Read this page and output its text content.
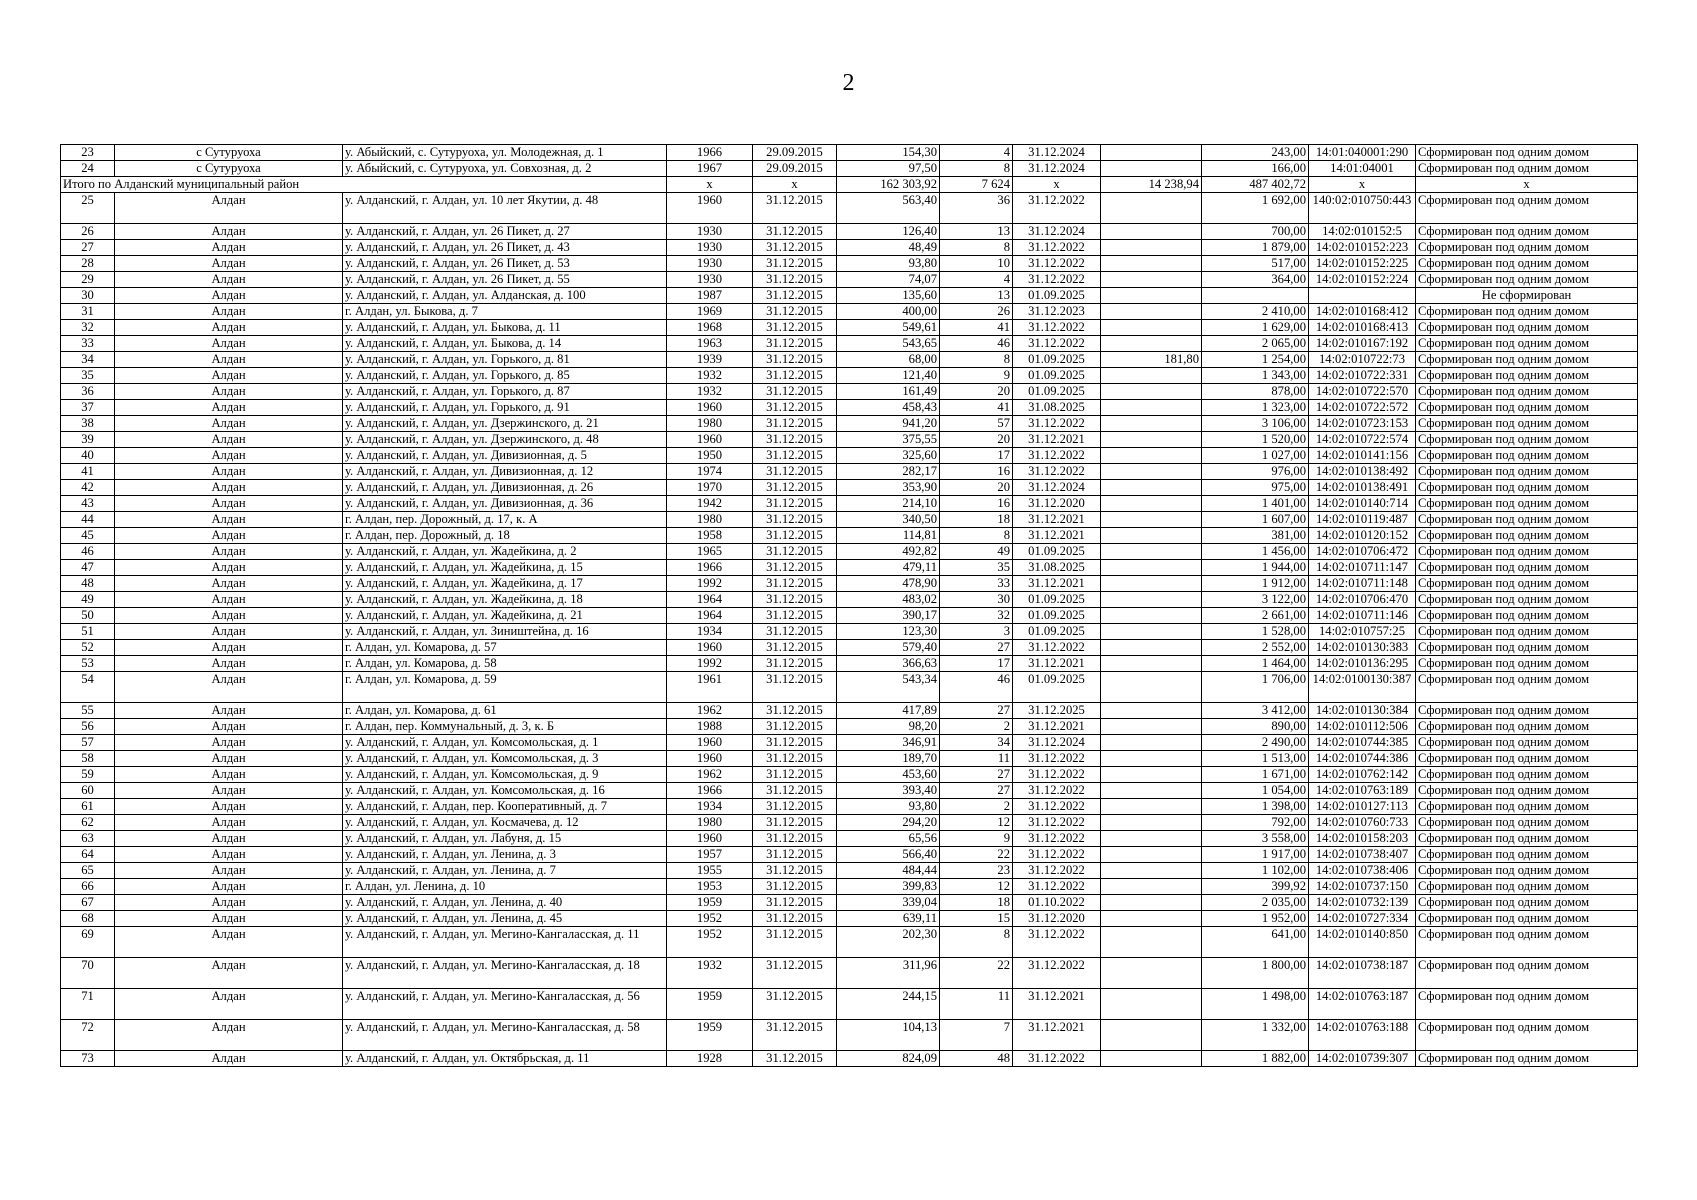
2
23	с Сутуруоха	у. Абыйский, с. Сутуруоха, ул. Молодежная, д. 1	1966	29.09.2015	154,30	4	31.12.2024		243,00	14:01:040001:290	Сформирован под одним домом
24	с Сутуруоха	у. Абыйский, с. Сутуруоха, ул. Совхозная, д. 2	1967	29.09.2015	97,50	8	31.12.2024		166,00	14:01:04001	Сформирован под одним домом
Итого по Алданский муниципальный район			х	х	162 303,92	7 624	х	14 238,94	487 402,72	х	х
25	Алдан	у. Алданский, г. Алдан, ул. 10 лет Якутии, д. 48	1960	31.12.2015	563,40	36	31.12.2022		1 692,00	140:02:010750:443	Сформирован под одним домом
26	Алдан	у. Алданский, г. Алдан, ул. 26 Пикет, д. 27	1930	31.12.2015	126,40	13	31.12.2024		700,00	14:02:010152:5	Сформирован под одним домом
27	Алдан	у. Алданский, г. Алдан, ул. 26 Пикет, д. 43	1930	31.12.2015	48,49	8	31.12.2022		1 879,00	14:02:010152:223	Сформирован под одним домом
28	Алдан	у. Алданский, г. Алдан, ул. 26 Пикет, д. 53	1930	31.12.2015	93,80	10	31.12.2022		517,00	14:02:010152:225	Сформирован под одним домом
29	Алдан	у. Алданский, г. Алдан, ул. 26 Пикет, д. 55	1930	31.12.2015	74,07	4	31.12.2022		364,00	14:02:010152:224	Сформирован под одним домом
30	Алдан	у. Алданский, г. Алдан, ул. Алданская, д. 100	1987	31.12.2015	135,60	13	01.09.2025				Не сформирован
31	Алдан	г. Алдан, ул. Быкова, д. 7	1969	31.12.2015	400,00	26	31.12.2023		2 410,00	14:02:010168:412	Сформирован под одним домом
32	Алдан	у. Алданский, г. Алдан, ул. Быкова, д. 11	1968	31.12.2015	549,61	41	31.12.2022		1 629,00	14:02:010168:413	Сформирован под одним домом
33	Алдан	у. Алданский, г. Алдан, ул. Быкова, д. 14	1963	31.12.2015	543,65	46	31.12.2022		2 065,00	14:02:010167:192	Сформирован под одним домом
34	Алдан	у. Алданский, г. Алдан, ул. Горького, д. 81	1939	31.12.2015	68,00	8	01.09.2025	181,80	1 254,00	14:02:010722:73	Сформирован под одним домом
35	Алдан	у. Алданский, г. Алдан, ул. Горького, д. 85	1932	31.12.2015	121,40	9	01.09.2025		1 343,00	14:02:010722:331	Сформирован под одним домом
36	Алдан	у. Алданский, г. Алдан, ул. Горького, д. 87	1932	31.12.2015	161,49	20	01.09.2025		878,00	14:02:010722:570	Сформирован под одним домом
37	Алдан	у. Алданский, г. Алдан, ул. Горького, д. 91	1960	31.12.2015	458,43	41	31.08.2025		1 323,00	14:02:010722:572	Сформирован под одним домом
38	Алдан	у. Алданский, г. Алдан, ул. Дзержинского, д. 21	1980	31.12.2015	941,20	57	31.12.2022		3 106,00	14:02:010723:153	Сформирован под одним домом
39	Алдан	у. Алданский, г. Алдан, ул. Дзержинского, д. 48	1960	31.12.2015	375,55	20	31.12.2021		1 520,00	14:02:010722:574	Сформирован под одним домом
40	Алдан	у. Алданский, г. Алдан, ул. Дивизионная, д. 5	1950	31.12.2015	325,60	17	31.12.2022		1 027,00	14:02:010141:156	Сформирован под одним домом
41	Алдан	у. Алданский, г. Алдан, ул. Дивизионная, д. 12	1974	31.12.2015	282,17	16	31.12.2022		976,00	14:02:010138:492	Сформирован под одним домом
42	Алдан	у. Алданский, г. Алдан, ул. Дивизионная, д. 26	1970	31.12.2015	353,90	20	31.12.2024		975,00	14:02:010138:491	Сформирован под одним домом
43	Алдан	у. Алданский, г. Алдан, ул. Дивизионная, д. 36	1942	31.12.2015	214,10	16	31.12.2020		1 401,00	14:02:010140:714	Сформирован под одним домом
44	Алдан	г. Алдан, пер. Дорожный, д. 17, к. А	1980	31.12.2015	340,50	18	31.12.2021		1 607,00	14:02:010119:487	Сформирован под одним домом
45	Алдан	г. Алдан, пер. Дорожный, д. 18	1958	31.12.2015	114,81	8	31.12.2021		381,00	14:02:010120:152	Сформирован под одним домом
46	Алдан	у. Алданский, г. Алдан, ул. Жадейкина, д. 2	1965	31.12.2015	492,82	49	01.09.2025		1 456,00	14:02:010706:472	Сформирован под одним домом
47	Алдан	у. Алданский, г. Алдан, ул. Жадейкина, д. 15	1966	31.12.2015	479,11	35	31.08.2025		1 944,00	14:02:010711:147	Сформирован под одним домом
48	Алдан	у. Алданский, г. Алдан, ул. Жадейкина, д. 17	1992	31.12.2015	478,90	33	31.12.2021		1 912,00	14:02:010711:148	Сформирован под одним домом
49	Алдан	у. Алданский, г. Алдан, ул. Жадейкина, д. 18	1964	31.12.2015	483,02	30	01.09.2025		3 122,00	14:02:010706:470	Сформирован под одним домом
50	Алдан	у. Алданский, г. Алдан, ул. Жадейкина, д. 21	1964	31.12.2015	390,17	32	01.09.2025		2 661,00	14:02:010711:146	Сформирован под одним домом
51	Алдан	у. Алданский, г. Алдан, ул. Зиништейна, д. 16	1934	31.12.2015	123,30	3	01.09.2025		1 528,00	14:02:010757:25	Сформирован под одним домом
52	Алдан	г. Алдан, ул. Комарова, д. 57	1960	31.12.2015	579,40	27	31.12.2022		2 552,00	14:02:010130:383	Сформирован под одним домом
53	Алдан	г. Алдан, ул. Комарова, д. 58	1992	31.12.2015	366,63	17	31.12.2021		1 464,00	14:02:010136:295	Сформирован под одним домом
54	Алдан	г. Алдан, ул. Комарова, д. 59	1961	31.12.2015	543,34	46	01.09.2025		1 706,00	14:02:0100130:387	Сформирован под одним домом
55	Алдан	г. Алдан, ул. Комарова, д. 61	1962	31.12.2015	417,89	27	31.12.2025		3 412,00	14:02:010130:384	Сформирован под одним домом
56	Алдан	г. Алдан, пер. Коммунальный, д. 3, к. Б	1988	31.12.2015	98,20	2	31.12.2021		890,00	14:02:010112:506	Сформирован под одним домом
57	Алдан	у. Алданский, г. Алдан, ул. Комсомольская, д. 1	1960	31.12.2015	346,91	34	31.12.2024		2 490,00	14:02:010744:385	Сформирован под одним домом
58	Алдан	у. Алданский, г. Алдан, ул. Комсомольская, д. 3	1960	31.12.2015	189,70	11	31.12.2022		1 513,00	14:02:010744:386	Сформирован под одним домом
59	Алдан	у. Алданский, г. Алдан, ул. Комсомольская, д. 9	1962	31.12.2015	453,60	27	31.12.2022		1 671,00	14:02:010762:142	Сформирован под одним домом
60	Алдан	у. Алданский, г. Алдан, ул. Комсомольская, д. 16	1966	31.12.2015	393,40	27	31.12.2022		1 054,00	14:02:010763:189	Сформирован под одним домом
61	Алдан	у. Алданский, г. Алдан, пер. Кооперативный, д. 7	1934	31.12.2015	93,80	2	31.12.2022		1 398,00	14:02:010127:113	Сформирован под одним домом
62	Алдан	у. Алданский, г. Алдан, ул. Космачева, д. 12	1980	31.12.2015	294,20	12	31.12.2022		792,00	14:02:010760:733	Сформирован под одним домом
63	Алдан	у. Алданский, г. Алдан, ул. Лабуня, д. 15	1960	31.12.2015	65,56	9	31.12.2022		3 558,00	14:02:010158:203	Сформирован под одним домом
64	Алдан	у. Алданский, г. Алдан, ул. Ленина, д. 3	1957	31.12.2015	566,40	22	31.12.2022		1 917,00	14:02:010738:407	Сформирован под одним домом
65	Алдан	у. Алданский, г. Алдан, ул. Ленина, д. 7	1955	31.12.2015	484,44	23	31.12.2022		1 102,00	14:02:010738:406	Сформирован под одним домом
66	Алдан	г. Алдан, ул. Ленина, д. 10	1953	31.12.2015	399,83	12	31.12.2022		399,92	14:02:010737:150	Сформирован под одним домом
67	Алдан	у. Алданский, г. Алдан, ул. Ленина, д. 40	1959	31.12.2015	339,04	18	01.10.2022		2 035,00	14:02:010732:139	Сформирован под одним домом
68	Алдан	у. Алданский, г. Алдан, ул. Ленина, д. 45	1952	31.12.2015	639,11	15	31.12.2020		1 952,00	14:02:010727:334	Сформирован под одним домом
69	Алдан	у. Алданский, г. Алдан, ул. Мегино-Кангаласская, д. 11	1952	31.12.2015	202,30	8	31.12.2022		641,00	14:02:010140:850	Сформирован под одним домом
70	Алдан	у. Алданский, г. Алдан, ул. Мегино-Кангаласская, д. 18	1932	31.12.2015	311,96	22	31.12.2022		1 800,00	14:02:010738:187	Сформирован под одним домом
71	Алдан	у. Алданский, г. Алдан, ул. Мегино-Кангаласская, д. 56	1959	31.12.2015	244,15	11	31.12.2021		1 498,00	14:02:010763:187	Сформирован под одним домом
72	Алдан	у. Алданский, г. Алдан, ул. Мегино-Кангаласская, д. 58	1959	31.12.2015	104,13	7	31.12.2021		1 332,00	14:02:010763:188	Сформирован под одним домом
73	Алдан	у. Алданский, г. Алдан, ул. Октябрьская, д. 11	1928	31.12.2015	824,09	48	31.12.2022		1 882,00	14:02:010739:307	Сформирован под одним домом
